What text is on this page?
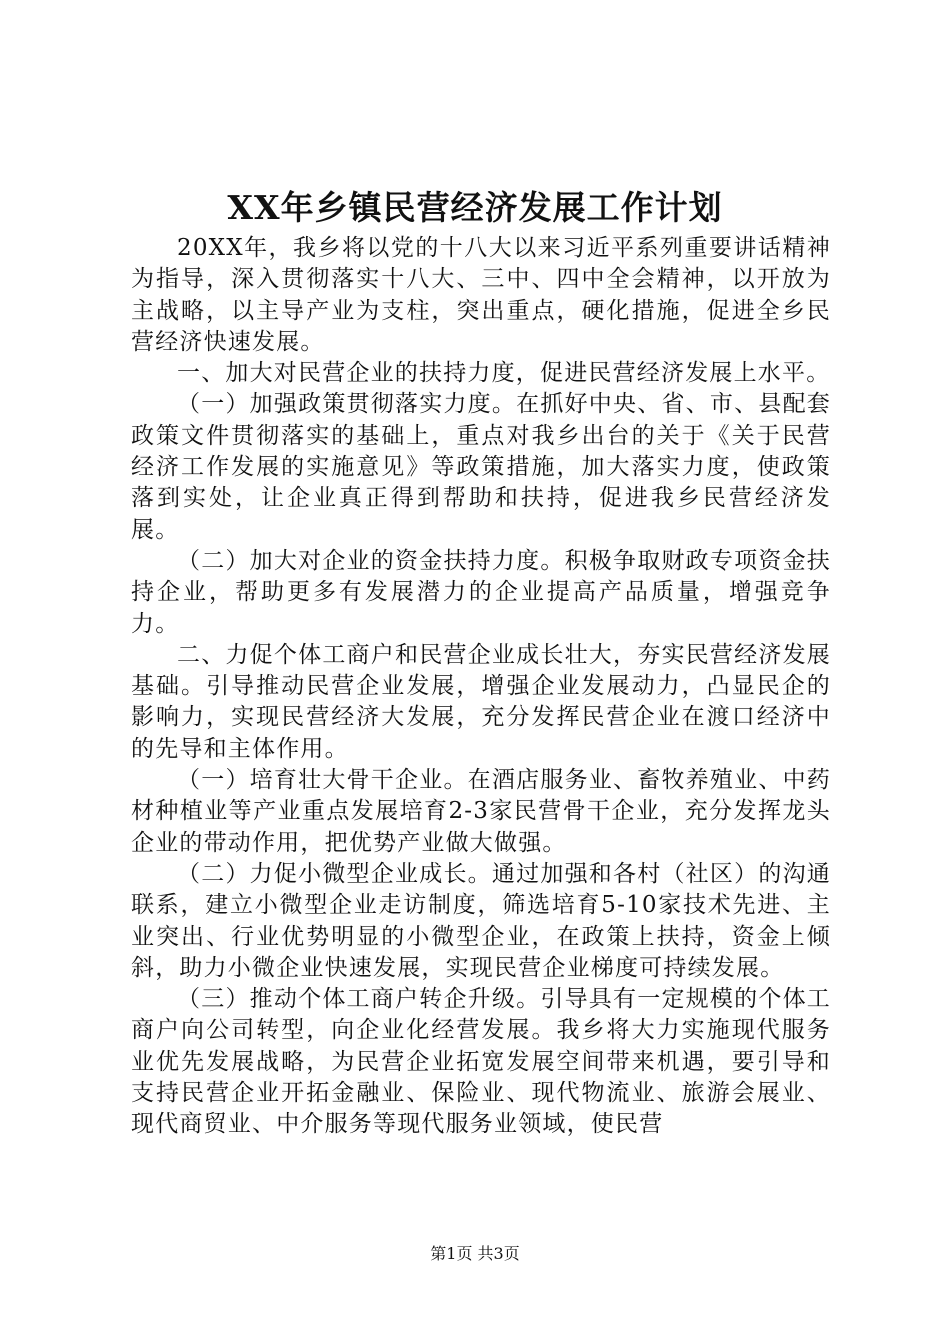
XX年乡镇民营经济发展工作计划

20XX年，我乡将以党的十八大以来习近平系列重要讲话精神为指导，深入贯彻落实十八大、三中、四中全会精神，以开放为主战略，以主导产业为支柱，突出重点，硬化措施，促进全乡民营经济快速发展。

一、加大对民营企业的扶持力度，促进民营经济发展上水平。

（一）加强政策贯彻落实力度。在抓好中央、省、市、县配套政策文件贯彻落实的基础上，重点对我乡出台的关于《关于民营经济工作发展的实施意见》等政策措施，加大落实力度，使政策落到实处，让企业真正得到帮助和扶持，促进我乡民营经济发展。

（二）加大对企业的资金扶持力度。积极争取财政专项资金扶持企业，帮助更多有发展潜力的企业提高产品质量，增强竞争力。

二、力促个体工商户和民营企业成长壮大，夯实民营经济发展基础。引导推动民营企业发展，增强企业发展动力，凸显民企的影响力，实现民营经济大发展，充分发挥民营企业在渡口经济中的先导和主体作用。

（一）培育壮大骨干企业。在酒店服务业、畜牧养殖业、中药材种植业等产业重点发展培育2-3家民营骨干企业，充分发挥龙头企业的带动作用，把优势产业做大做强。

（二）力促小微型企业成长。通过加强和各村（社区）的沟通联系，建立小微型企业走访制度，筛选培育5-10家技术先进、主业突出、行业优势明显的小微型企业，在政策上扶持，资金上倾斜，助力小微企业快速发展，实现民营企业梯度可持续发展。

（三）推动个体工商户转企升级。引导具有一定规模的个体工商户向公司转型，向企业化经营发展。我乡将大力实施现代服务业优先发展战略，为民营企业拓宽发展空间带来机遇，要引导和支持民营企业开拓金融业、保险业、现代物流业、旅游会展业、现代商贸业、中介服务等现代服务业领域，使民营

第1页 共3页
